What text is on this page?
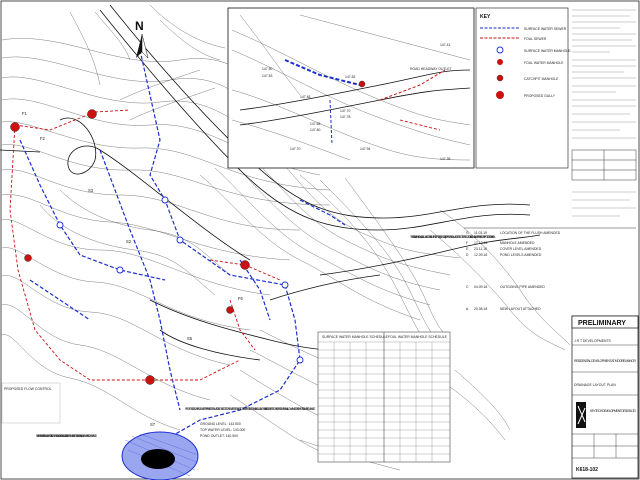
S3
S2
S5
S7
F1
F6
F2
N
PROPOSED FLOW CONTROL
INVERT LEVEL OF DITCH/CULVERT TO BE SURVEYED AND DESIGN ENGINEER INFORMED BEFORE ANY DRAINAGE WORKS COMMENCE.
PROPOSED SURFACE WATER PRIVATE ATTENUATION POND TO STORE WATER FOR ALL STORM EVENTS UP TO AND INCLUDING THE 1 IN 100 YEAR RETURN PERIOD WITH AN ALLOWANCE OF 40% FOR CLIMATE CHANGE.
GROUND LEVEL: 143.500
TOP WATER LEVEL: 143.000
POND OUTLET: 140.500
THREE DIMENSIONAL CELLULAR CONFINEMENT SYSTEM (GEOCELL) TO PREVENT DAMAGE TO ROOTS OR ROOT ZONE INCLUDING WITH THE ROOT PROTECTION AREA.
147.50
147.53
147.48
147.70
147.78
147.82
147.65
147.60
147.70	147.94
147.41
147.35
ROAD HEADWAY OUTLET
KEY
SURFACE WATER SEWER
FOUL SEWER
SURFACE WATER MANHOLE
FOUL WATER MANHOLE
CATCHPIT MANHOLE
PROPOSED GULLY
G 11.03.19	LOCATION OF THE FLUSH AMENDED
F 17.12.18	MANHOLE AMENDED
E 23.11.18	COVER LEVEL AMENDED
D 12.09.18	POND LEVELS AMENDED
C 04.09.18	OUTGOING PIPE AMENDED
A 20.08.18	NEW LAYOUT ATTACHED
SURFACE WATER MANHOLE SCHEDULE FOUL WATER MANHOLE SCHEDULE
PRELIMINARY
J R T DEVELOPMENTS
RESIDENTIAL DEVELOPMENT AT MOORE MANOR
DRAINAGE LAYOUT PLAN
KEYTECH DEVELOPMENT DESIGN LTD
K618-102
